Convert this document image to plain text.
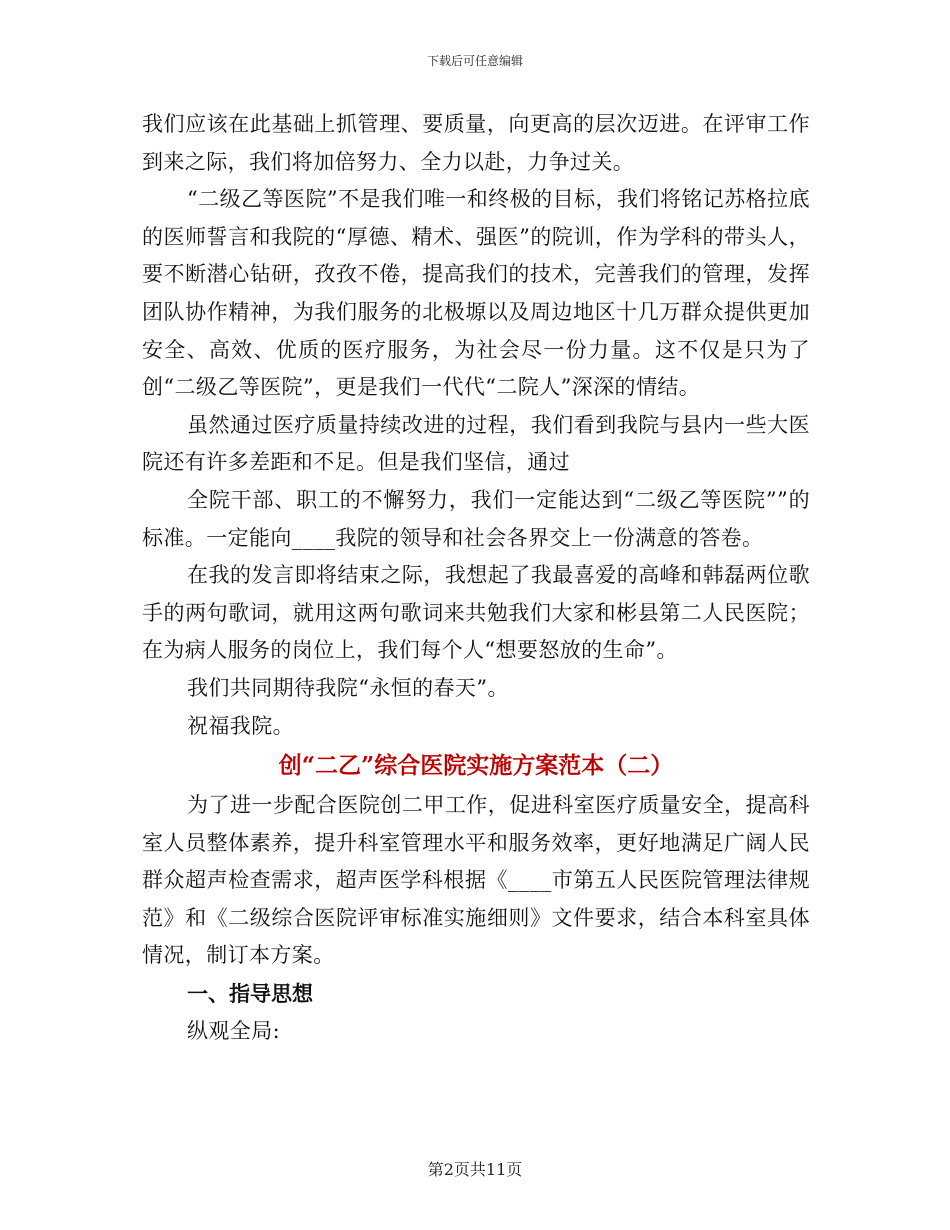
下载后可任意编辑

我们应该在此基础上抓管理、要质量，向更高的层次迈进。在评审工作到来之际，我们将加倍努力、全力以赴，力争过关。

“二级乙等医院”不是我们唯一和终极的目标，我们将铭记苏格拉底的医师誓言和我院的“厚德、精术、强医”的院训，作为学科的带头人，要不断潜心钻研，孜孜不倦，提高我们的技术，完善我们的管理，发挥团队协作精神，为我们服务的北极塬以及周边地区十几万群众提供更加安全、高效、优质的医疗服务，为社会尽一份力量。这不仅是只为了创“二级乙等医院”，更是我们一代代“二院人”深深的情结。

虽然通过医疗质量持续改进的过程，我们看到我院与县内一些大医院还有许多差距和不足。但是我们坚信，通过

全院干部、职工的不懈努力，我们一定能达到“二级乙等医院””的标准。一定能向____我院的领导和社会各界交上一份满意的答卷。

在我的发言即将结束之际，我想起了我最喜爱的高峰和韩磊两位歌手的两句歌词，就用这两句歌词来共勉我们大家和彬县第二人民医院；在为病人服务的岗位上，我们每个人“想要怒放的生命”。

我们共同期待我院“永恒的春天”。

祝福我院。

创“二乙”综合医院实施方案范本（二）

为了进一步配合医院创二甲工作，促进科室医疗质量安全，提高科室人员整体素养，提升科室管理水平和服务效率，更好地满足广阔人民群众超声检查需求，超声医学科根据《____市第五人民医院管理法律规范》和《二级综合医院评审标准实施细则》文件要求，结合本科室具体情况，制订本方案。

一、指导思想

纵观全局:

第2页共11页
